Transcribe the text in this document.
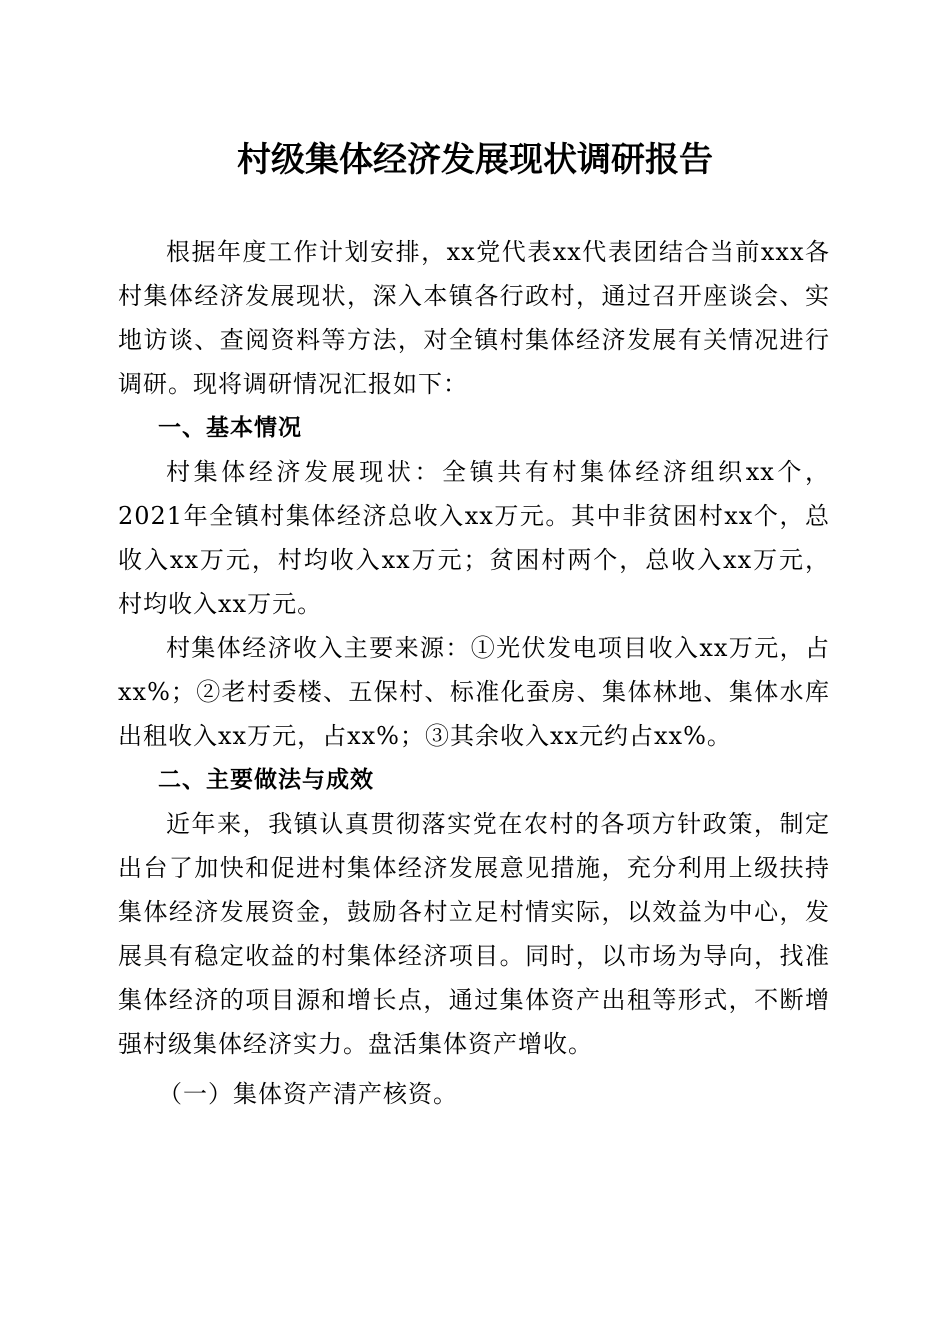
村级集体经济发展现状调研报告

根据年度工作计划安排，xx党代表xx代表团结合当前xxx各村集体经济发展现状，深入本镇各行政村，通过召开座谈会、实地访谈、查阅资料等方法，对全镇村集体经济发展有关情况进行调研。现将调研情况汇报如下：

一、基本情况

村集体经济发展现状：全镇共有村集体经济组织xx个，2021年全镇村集体经济总收入xx万元。其中非贫困村xx个，总收入xx万元，村均收入xx万元；贫困村两个，总收入xx万元，村均收入xx万元。

村集体经济收入主要来源：①光伏发电项目收入xx万元，占xx%；②老村委楼、五保村、标准化蚕房、集体林地、集体水库出租收入xx万元，占xx%；③其余收入xx元约占xx%。

二、主要做法与成效

近年来，我镇认真贯彻落实党在农村的各项方针政策，制定出台了加快和促进村集体经济发展意见措施，充分利用上级扶持集体经济发展资金，鼓励各村立足村情实际，以效益为中心，发展具有稳定收益的村集体经济项目。同时，以市场为导向，找准集体经济的项目源和增长点，通过集体资产出租等形式，不断增强村级集体经济实力。盘活集体资产增收。

（一）集体资产清产核资。
